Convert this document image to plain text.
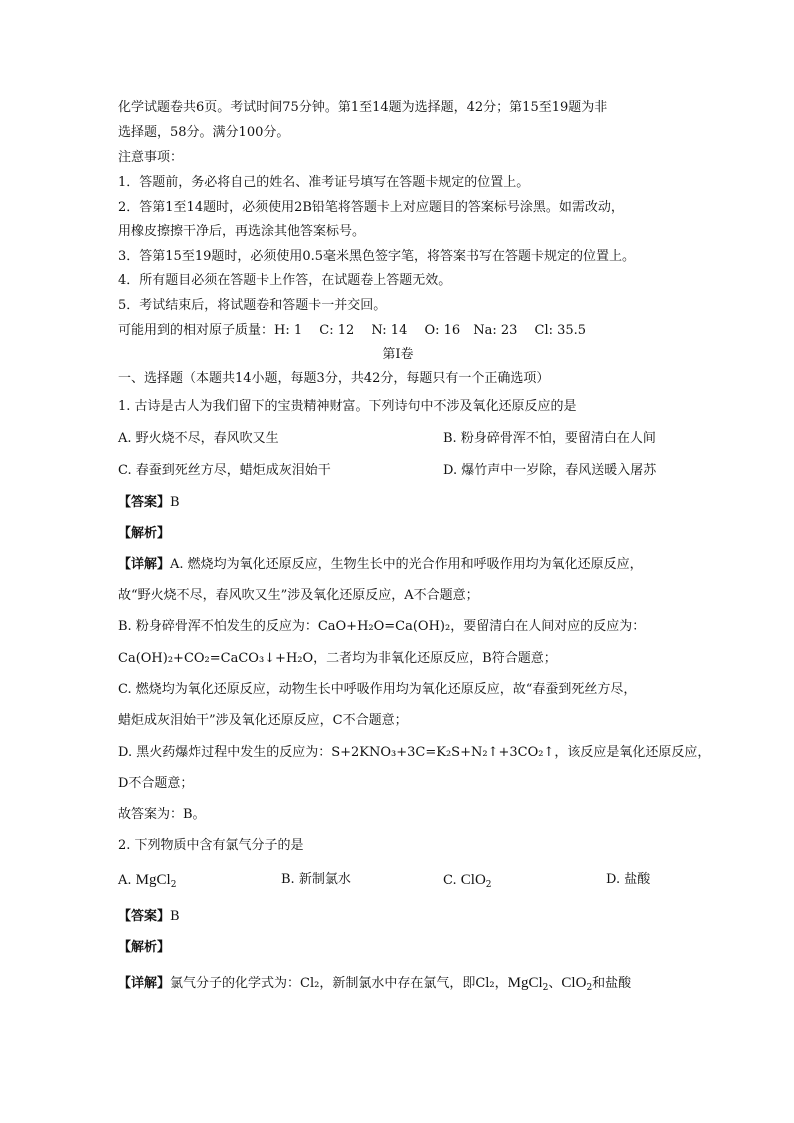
化学试题卷共6页。考试时间75分钟。第1至14题为选择题，42分；第15至19题为非
选择题，58分。满分100分。
注意事项：
1．答题前，务必将自己的姓名、准考证号填写在答题卡规定的位置上。
2．答第1至14题时，必须使用2B铅笔将答题卡上对应题目的答案标号涂黑。如需改动，
用橡皮擦擦干净后，再选涂其他答案标号。
3．答第15至19题时，必须使用0.5毫米黑色签字笔，将答案书写在答题卡规定的位置上。
4．所有题目必须在答题卡上作答，在试题卷上答题无效。
5．考试结束后，将试题卷和答题卡一并交回。
可能用到的相对原子质量：H: 1　 C: 12　 N: 14　 O: 16　Na: 23　 Cl: 35.5
第Ⅰ卷
一、选择题（本题共14小题，每题3分，共42分，每题只有一个正确选项）
1. 古诗是古人为我们留下的宝贵精神财富。下列诗句中不涉及氧化还原反应的是
A. 野火烧不尽，春风吹又生	B. 粉身碎骨浑不怕，要留清白在人间
C. 春蚕到死丝方尽，蜡炬成灰泪始干	D. 爆竹声中一岁除，春风送暖入屠苏
【答案】B
【解析】
【详解】A. 燃烧均为氧化还原反应，生物生长中的光合作用和呼吸作用均为氧化还原反应，
故“野火烧不尽，春风吹又生”涉及氧化还原反应，A不合题意；
B. 粉身碎骨浑不怕发生的反应为：CaO+H₂O=Ca(OH)₂，要留清白在人间对应的反应为：
Ca(OH)₂+CO₂=CaCO₃↓+H₂O，二者均为非氧化还原反应，B符合题意；
C. 燃烧均为氧化还原反应，动物生长中呼吸作用均为氧化还原反应，故“春蚕到死丝方尽，
蜡炬成灰泪始干”涉及氧化还原反应，C不合题意；
D. 黑火药爆炸过程中发生的反应为：S+2KNO₃+3C=K₂S+N₂↑+3CO₂↑，该反应是氧化还原反应，
D不合题意；
故答案为：B。
2. 下列物质中含有氯气分子的是
A. MgCl$_2$	B. 新制氯水	C. ClO$_2$	D. 盐酸
【答案】B
【解析】
【详解】氯气分子的化学式为：Cl₂，新制氯水中存在氯气，即Cl₂，MgCl$_2$、ClO$_2$和盐酸
